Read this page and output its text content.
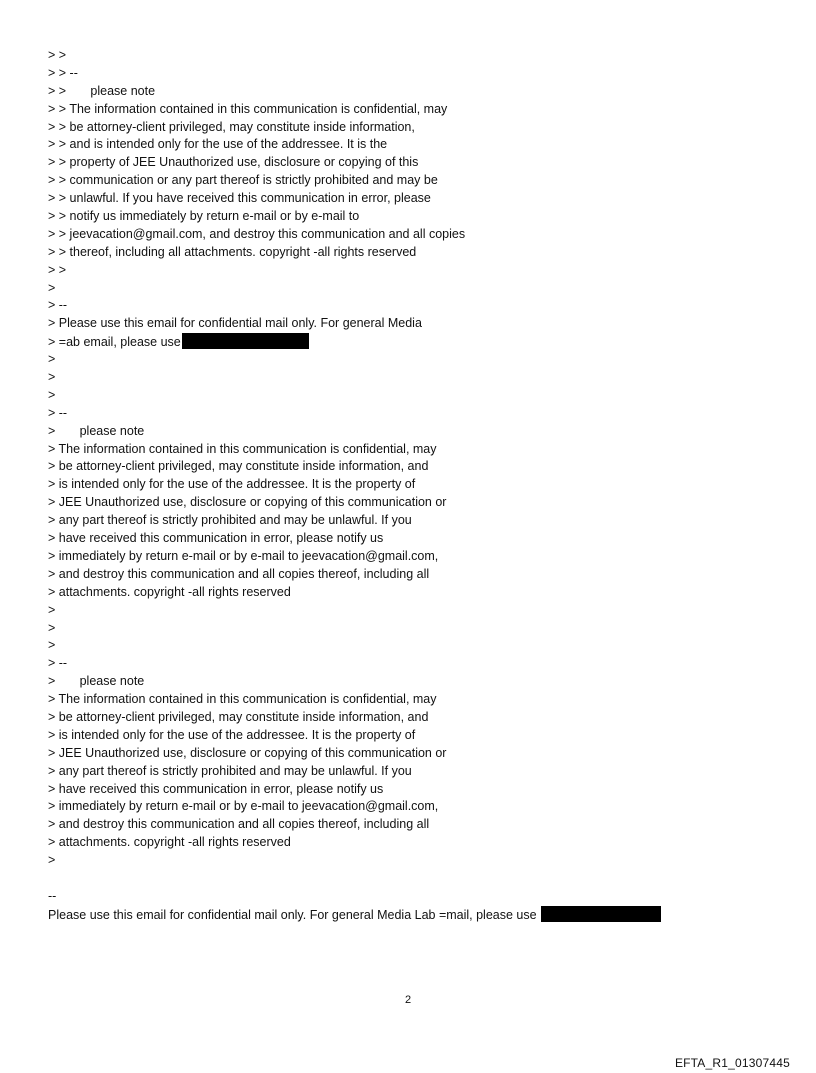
> >
> > --
> >       please note
> > The information contained in this communication is confidential, may
> > be attorney-client privileged, may constitute inside information,
> > and is intended only for the use of the addressee. It is the
> > property of JEE Unauthorized use, disclosure or copying of this
> > communication or any part thereof is strictly prohibited and may be
> > unlawful. If you have received this communication in error, please
> > notify us immediately by return e-mail or by e-mail to
> > jeevacation@gmail.com, and destroy this communication and all copies
> > thereof, including all attachments. copyright -all rights reserved
> >
>
> --
> Please use this email for confidential mail only. For general Media
> =ab email, please use
>
>
>
> --
>       please note
> The information contained in this communication is confidential, may
> be attorney-client privileged, may constitute inside information, and
> is intended only for the use of the addressee. It is the property of
> JEE Unauthorized use, disclosure or copying of this communication or
> any part thereof is strictly prohibited and may be unlawful. If you
> have received this communication in error, please notify us
> immediately by return e-mail or by e-mail to jeevacation@gmail.com,
> and destroy this communication and all copies thereof, including all
> attachments. copyright -all rights reserved
>
>
>
> --
>       please note
> The information contained in this communication is confidential, may
> be attorney-client privileged, may constitute inside information, and
> is intended only for the use of the addressee. It is the property of
> JEE Unauthorized use, disclosure or copying of this communication or
> any part thereof is strictly prohibited and may be unlawful. If you
> have received this communication in error, please notify us
> immediately by return e-mail or by e-mail to jeevacation@gmail.com,
> and destroy this communication and all copies thereof, including all
> attachments. copyright -all rights reserved
>
--
Please use this email for confidential mail only. For general Media Lab =mail, please use
2
EFTA_R1_01307445
